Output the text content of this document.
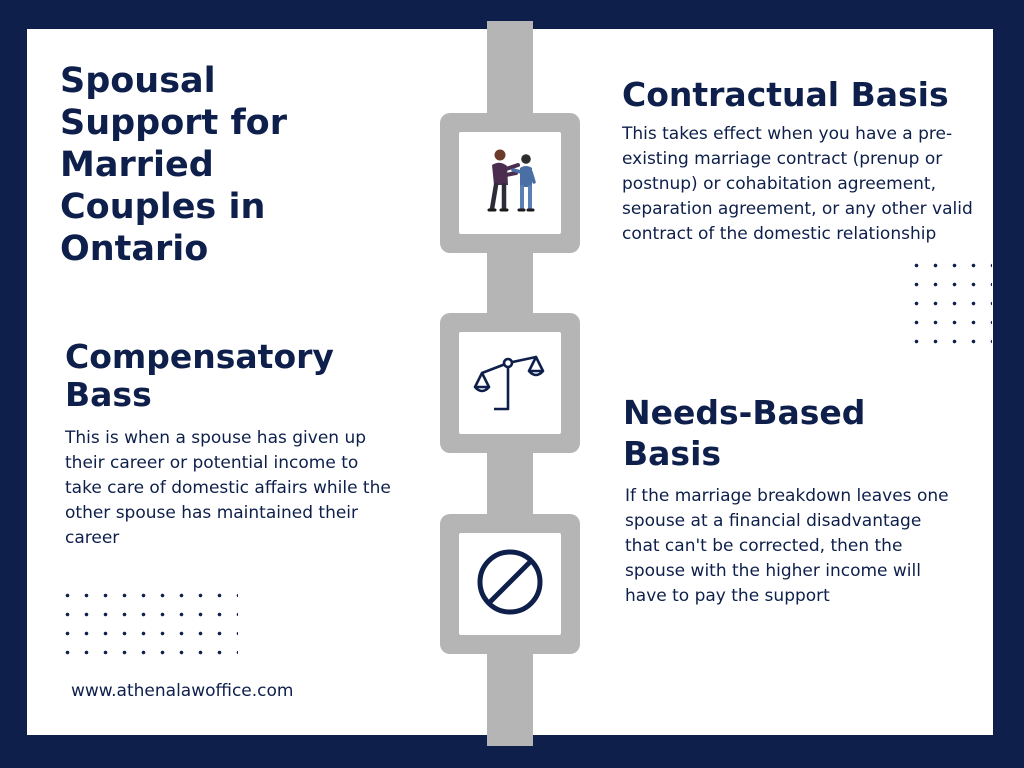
Spousal Support for Married Couples in Ontario
Contractual Basis

This takes effect when you have a pre-existing marriage contract (prenup or postnup) or cohabitation agreement, separation agreement, or any other valid contract of the domestic relationship

Compensatory Bass

This is when a spouse has given up their career or potential income to take care of domestic affairs while the other spouse has maintained their career

Needs-Based Basis

If the marriage breakdown leaves one spouse at a financial disadvantage that can't be corrected, then the spouse with the higher income will have to pay the support

www.athenalawoffice.com
